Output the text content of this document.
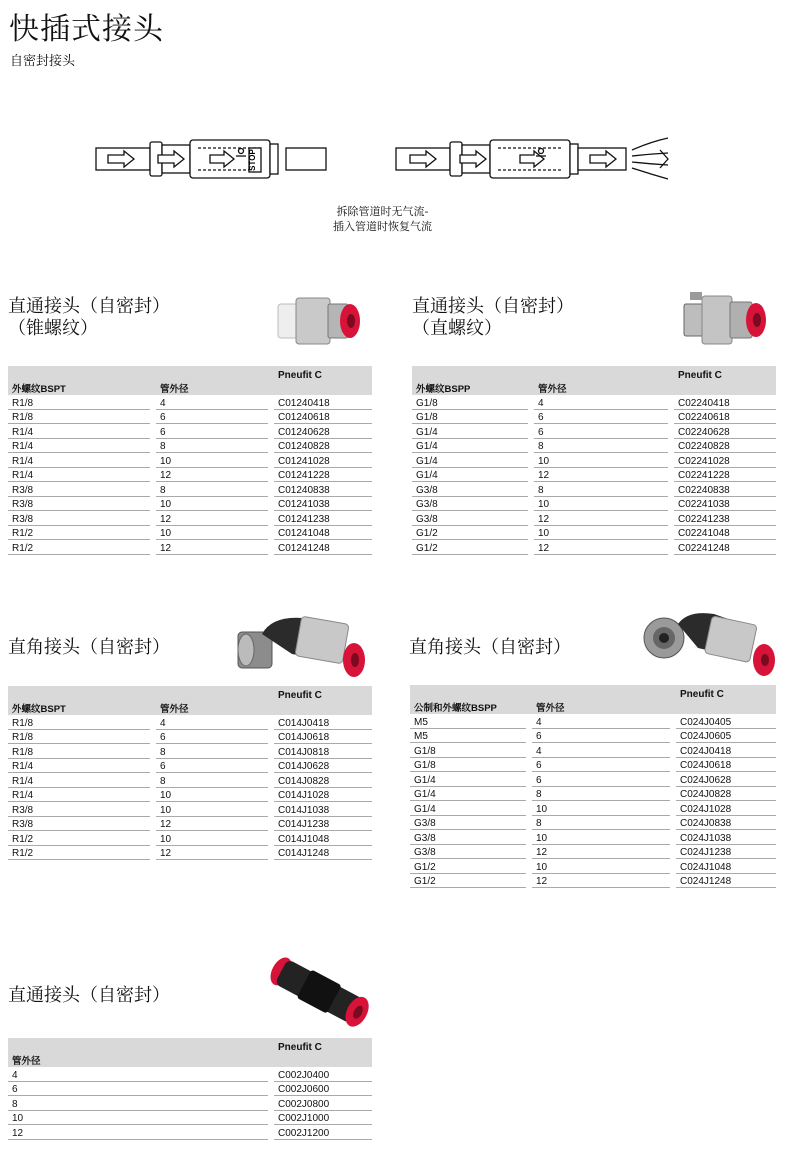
快插式接头
自密封接头
STOP
拆除管道时无气流-
插入管道时恢复气流
直通接头（自密封）
（锥螺纹）
				Pneufit C
外螺纹BSPT		管外径		
R1/8		4		C01240418
R1/8		6		C01240618
R1/4		6		C01240628
R1/4		8		C01240828
R1/4		10		C01241028
R1/4		12		C01241228
R3/8		8		C01240838
R3/8		10		C01241038
R3/8		12		C01241238
R1/2		10		C01241048
R1/2		12		C01241248
直通接头（自密封）
（直螺纹）
				Pneufit C
外螺纹BSPP		管外径		
G1/8		4		C02240418
G1/8		6		C02240618
G1/4		6		C02240628
G1/4		8		C02240828
G1/4		10		C02241028
G1/4		12		C02241228
G3/8		8		C02240838
G3/8		10		C02241038
G3/8		12		C02241238
G1/2		10		C02241048
G1/2		12		C02241248
直角接头（自密封）
				Pneufit C
外螺纹BSPT		管外径		
R1/8		4		C014J0418
R1/8		6		C014J0618
R1/8		8		C014J0818
R1/4		6		C014J0628
R1/4		8		C014J0828
R1/4		10		C014J1028
R3/8		10		C014J1038
R3/8		12		C014J1238
R1/2		10		C014J1048
R1/2		12		C014J1248
直角接头（自密封）
				Pneufit C
公制和外螺纹BSPP		管外径		
M5		4		C024J0405
M5		6		C024J0605
G1/8		4		C024J0418
G1/8		6		C024J0618
G1/4		6		C024J0628
G1/4		8		C024J0828
G1/4		10		C024J1028
G3/8		8		C024J0838
G3/8		10		C024J1038
G3/8		12		C024J1238
G1/2		10		C024J1048
G1/2		12		C024J1248
直通接头（自密封）
		Pneufit C
管外径		
4		C002J0400
6		C002J0600
8		C002J0800
10		C002J1000
12		C002J1200
